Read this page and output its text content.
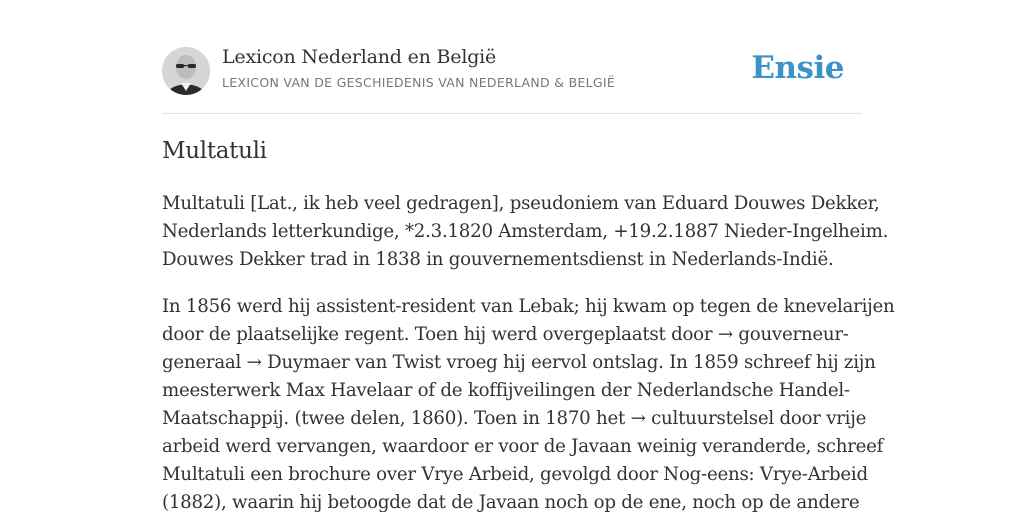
Lexicon Nederland en België
LEXICON VAN DE GESCHIEDENIS VAN NEDERLAND & BELGIË	Ensie
Multatuli

Multatuli [Lat., ik heb veel gedragen], pseudoniem van Eduard Douwes Dekker,
Nederlands letterkundige, *2.3.1820 Amsterdam, +19.2.1887 Nieder-Ingelheim.
Douwes Dekker trad in 1838 in gouvernementsdienst in Nederlands-Indië.

In 1856 werd hij assistent-resident van Lebak; hij kwam op tegen de knevelarijen
door de plaatselijke regent. Toen hij werd overgeplaatst door → gouverneur-
generaal → Duymaer van Twist vroeg hij eervol ontslag. In 1859 schreef hij zijn
meesterwerk Max Havelaar of de koffijveilingen der Nederlandsche Handel-
Maatschappij. (twee delen, 1860). Toen in 1870 het → cultuurstelsel door vrije
arbeid werd vervangen, waardoor er voor de Javaan weinig veranderde, schreef
Multatuli een brochure over Vrye Arbeid, gevolgd door Nog-eens: Vrye-Arbeid
(1882), waarin hij betoogde dat de Javaan noch op de ene, noch op de andere
